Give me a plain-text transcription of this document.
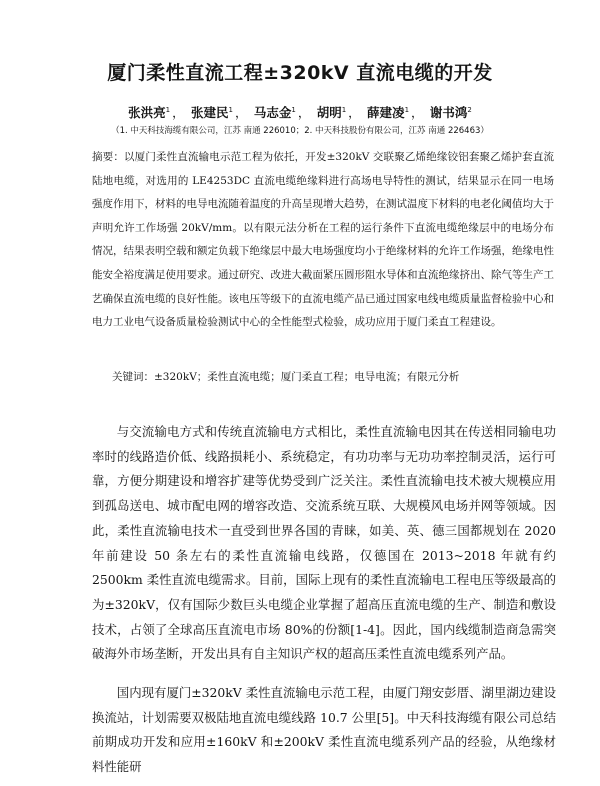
厦门柔性直流工程±320kV 直流电缆的开发
张洪亮$^1$ ， 张建民$^1$ ， 马志金$^1$ ， 胡明$^1$ ， 薛建凌$^1$ ， 谢书鸿$^2$
（1. 中天科技海缆有限公司，江苏 南通 226010；2. 中天科技股份有限公司，江苏 南通 226463）

摘要：以厦门柔性直流输电示范工程为依托，开发±320kV 交联聚乙烯绝缘铰铝套聚乙烯护套直流陆地电缆，对选用的 LE4253DC 直流电缆绝缘料进行高场电导特性的测试，结果显示在同一电场强度作用下，材料的电导电流随着温度的升高呈现增大趋势，在测试温度下材料的电老化阈值均大于声明允许工作场强 20kV/mm。以有限元法分析在工程的运行条件下直流电缆绝缘层中的电场分布情况，结果表明空载和额定负载下绝缘层中最大电场强度均小于绝缘材料的允许工作场强，绝缘电性能安全裕度满足使用要求。通过研究、改进大截面紧压圆形阻水导体和直流绝缘挤出、除气等生产工艺确保直流电缆的良好性能。该电压等级下的直流电缆产品已通过国家电线电缆质量监督检验中心和电力工业电气设备质量检验测试中心的全性能型式检验，成功应用于厦门柔直工程建设。

关键词：±320kV；柔性直流电缆；厦门柔直工程；电导电流；有限元分析

与交流输电方式和传统直流输电方式相比，柔性直流输电因其在传送相同输电功率时的线路造价低、线路损耗小、系统稳定，有功功率与无功功率控制灵活，运行可靠，方便分期建设和增容扩建等优势受到广泛关注。柔性直流输电技术被大规模应用到孤岛送电、城市配电网的增容改造、交流系统互联、大规模风电场并网等领域。因此，柔性直流输电技术一直受到世界各国的青睐，如美、英、德三国都规划在 2020 年前建设 50 条左右的柔性直流输电线路，仅德国在 2013~2018 年就有约 2500km 柔性直流电缆需求。目前，国际上现有的柔性直流输电工程电压等级最高的为±320kV，仅有国际少数巨头电缆企业掌握了超高压直流电缆的生产、制造和敷设技术，占领了全球高压直流电市场 80%的份额[1-4]。因此，国内线缆制造商急需突破海外市场垄断，开发出具有自主知识产权的超高压柔性直流电缆系列产品。

国内现有厦门±320kV 柔性直流输电示范工程，由厦门翔安彭厝、湖里湖边建设换流站，计划需要双极陆地直流电缆线路 10.7 公里[5]。中天科技海缆有限公司总结前期成功开发和应用±160kV 和±200kV 柔性直流电缆系列产品的经验，从绝缘材料性能研
